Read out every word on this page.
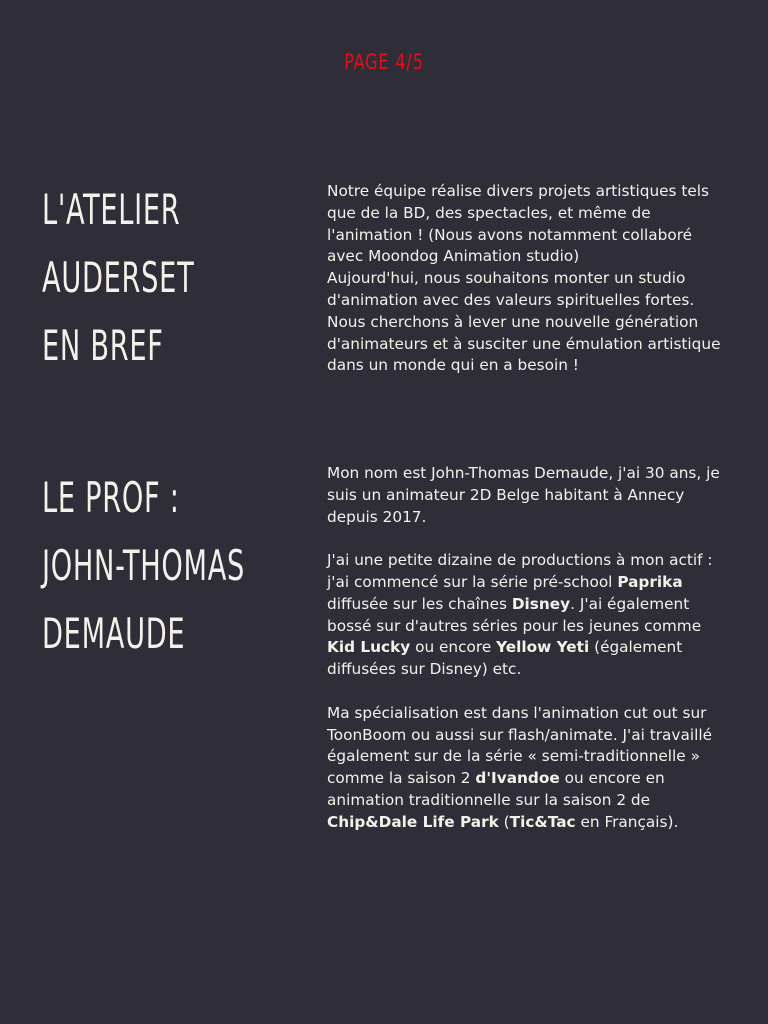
PAGE 4/5
L'ATELIER
AUDERSET
EN BREF

Notre équipe réalise divers projets artistiques tels que de la BD, des spectacles, et même de l'animation ! (Nous avons notamment collaboré avec Moondog Animation studio)

Aujourd'hui, nous souhaitons monter un studio d'animation avec des valeurs spirituelles fortes. Nous cherchons à lever une nouvelle génération d'animateurs et à susciter une émulation artistique dans un monde qui en a besoin !

LE PROF :
JOHN-THOMAS
DEMAUDE

Mon nom est John-Thomas Demaude, j'ai 30 ans, je suis un animateur 2D Belge habitant à Annecy depuis 2017.

J'ai une petite dizaine de productions à mon actif : j'ai commencé sur la série pré-school Paprika diffusée sur les chaînes Disney. J'ai également bossé sur d'autres séries pour les jeunes comme Kid Lucky ou encore Yellow Yeti (également diffusées sur Disney) etc.

Ma spécialisation est dans l'animation cut out sur ToonBoom ou aussi sur flash/animate. J'ai travaillé également sur de la série « semi-traditionnelle » comme la saison 2 d'Ivandoe ou encore en animation traditionnelle sur la saison 2 de Chip&Dale Life Park (Tic&Tac en Français).
